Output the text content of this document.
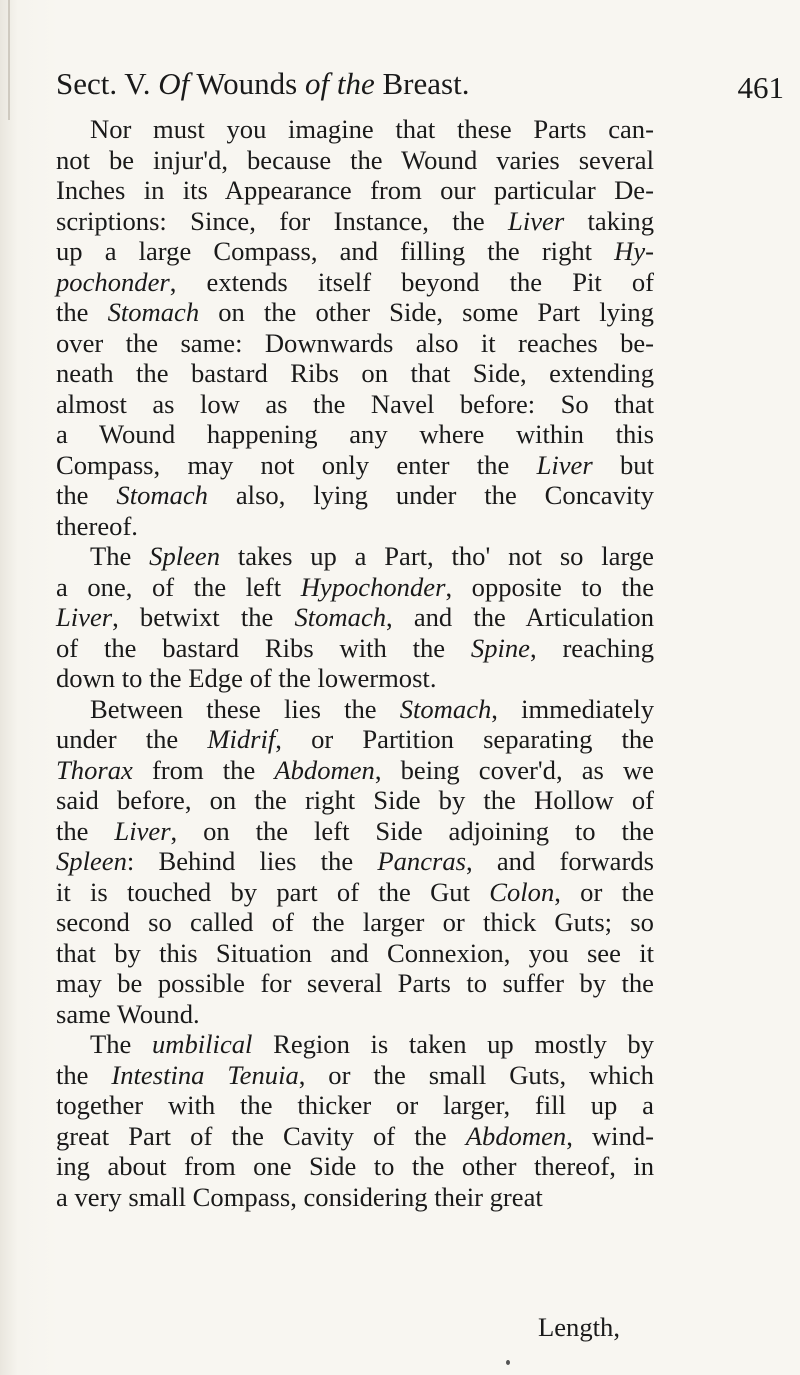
Sect. V. Of Wounds of the Breast.	461

Nor must you imagine that these Parts can-
not be injur'd, because the Wound varies several
Inches in its Appearance from our particular De-
scriptions: Since, for Instance, the Liver taking
up a large Compass, and filling the right Hy-
pochonder, extends itself beyond the Pit of
the Stomach on the other Side, some Part lying
over the same: Downwards also it reaches be-
neath the bastard Ribs on that Side, extending
almost as low as the Navel before: So that
a Wound happening any where within this
Compass, may not only enter the Liver but
the Stomach also, lying under the Concavity
thereof.

The Spleen takes up a Part, tho' not so large
a one, of the left Hypochonder, opposite to the
Liver, betwixt the Stomach, and the Articulation
of the bastard Ribs with the Spine, reaching
down to the Edge of the lowermost.

Between these lies the Stomach, immediately
under the Midrif, or Partition separating the
Thorax from the Abdomen, being cover'd, as we
said before, on the right Side by the Hollow of
the Liver, on the left Side adjoining to the
Spleen: Behind lies the Pancras, and forwards
it is touched by part of the Gut Colon, or the
second so called of the larger or thick Guts; so
that by this Situation and Connexion, you see it
may be possible for several Parts to suffer by the
same Wound.

The umbilical Region is taken up mostly by
the Intestina Tenuia, or the small Guts, which
together with the thicker or larger, fill up a
great Part of the Cavity of the Abdomen, wind-
ing about from one Side to the other thereof, in
a very small Compass, considering their great

Length,
